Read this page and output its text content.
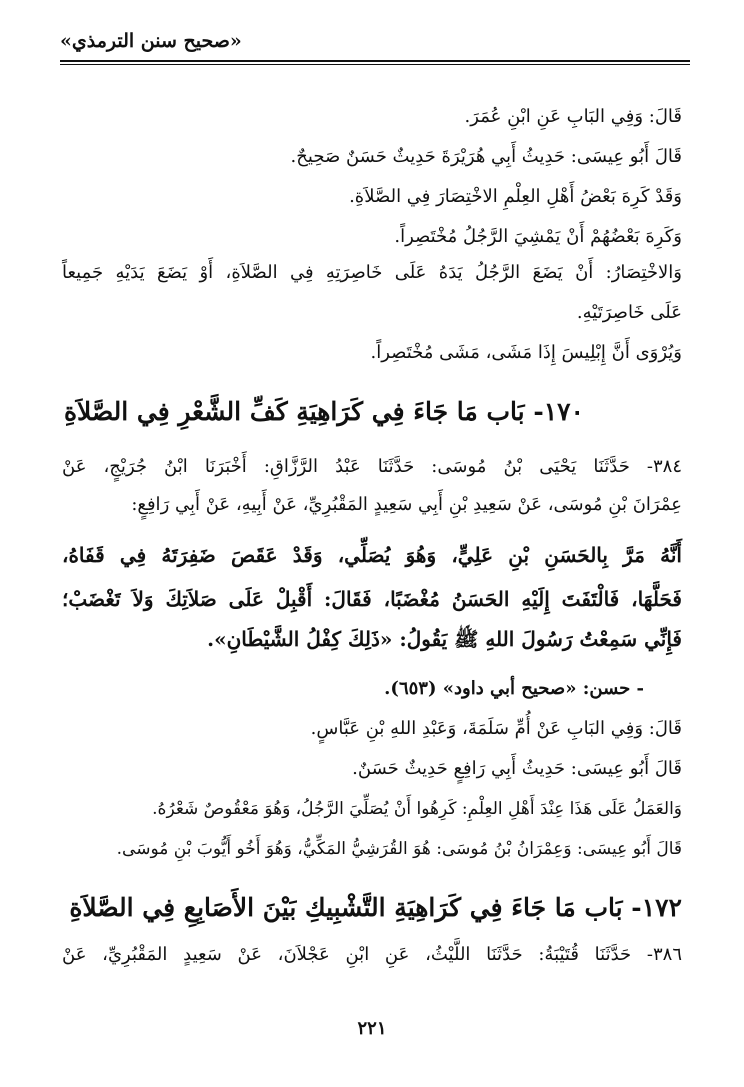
«صحيح سنن الترمذي»
قَالَ: وَفِي البَابِ عَنِ ابْنِ عُمَرَ.
قَالَ أَبُو عِيسَى: حَدِيثُ أَبِي هُرَيْرَةَ حَدِيثٌ حَسَنٌ صَحِيحٌ.
وَقَدْ كَرِهَ بَعْضُ أَهْلِ العِلْمِ الاخْتِصَارَ فِي الصَّلاَةِ.
وَكَرِهَ بَعْضُهُمْ أَنْ يَمْشِيَ الرَّجُلُ مُخْتَصِراً.
وَالاخْتِصَارُ: أَنْ يَضَعَ الرَّجُلُ يَدَهُ عَلَى خَاصِرَتِهِ فِي الصَّلاَةِ، أَوْ يَضَعَ يَدَيْهِ جَمِيعاً
عَلَى خَاصِرَتَيْهِ.
وَيُرْوَى أَنَّ إِبْلِيسَ إِذَا مَشَى، مَشَى مُخْتَصِراً.
١٧٠- بَاب مَا جَاءَ فِي كَرَاهِيَةِ كَفِّ الشَّعْرِ فِي الصَّلاَةِ
٣٨٤- حَدَّثَنَا يَحْيَى بْنُ مُوسَى: حَدَّثَنَا عَبْدُ الرَّزَّاقِ: أَخْبَرَنَا ابْنُ جُرَيْجٍ، عَنْ
عِمْرَانَ بْنِ مُوسَى، عَنْ سَعِيدِ بْنِ أَبِي سَعِيدٍ المَقْبُرِيِّ، عَنْ أَبِيهِ، عَنْ أَبِي رَافِعٍ:
أَنَّهُ مَرَّ بِالحَسَنِ بْنِ عَلِيٍّ، وَهُوَ يُصَلِّي، وَقَدْ عَقَصَ ضَفِرَتَهُ فِي قَفَاهُ،
فَحَلَّهَا، فَالْتَفَتَ إِلَيْهِ الحَسَنُ مُغْضَبًا، فَقَالَ: أَقْبِلْ عَلَى صَلاَتِكَ وَلاَ تَغْضَبْ؛
فَإِنِّي سَمِعْتُ رَسُولَ اللهِ ﷺ يَقُولُ: «ذَلِكَ كِفْلُ الشَّيْطَانِ».
- حسن: «صحيح أبي داود» (٦٥٣).
قَالَ: وَفِي البَابِ عَنْ أُمِّ سَلَمَةَ، وَعَبْدِ اللهِ بْنِ عَبَّاسٍ.
قَالَ أَبُو عِيسَى: حَدِيثُ أَبِي رَافِعٍ حَدِيثٌ حَسَنٌ.
وَالعَمَلُ عَلَى هَذَا عِنْدَ أَهْلِ العِلْمِ: كَرِهُوا أَنْ يُصَلِّيَ الرَّجُلُ، وَهُوَ مَعْقُوصٌ شَعْرُهُ.
قَالَ أَبُو عِيسَى: وَعِمْرَانُ بْنُ مُوسَى: هُوَ القُرَشِيُّ المَكِّيُّ، وَهُوَ أَخُو أَيُّوبَ بْنِ مُوسَى.
١٧٢- بَاب مَا جَاءَ فِي كَرَاهِيَةِ التَّشْبِيكِ بَيْنَ الأَصَابِعِ فِي الصَّلاَةِ
٣٨٦- حَدَّثَنَا قُتَيْبَةُ: حَدَّثَنَا اللَّيْثُ، عَنِ ابْنِ عَجْلاَنَ، عَنْ سَعِيدٍ المَقْبُرِيِّ، عَنْ
٢٢١
